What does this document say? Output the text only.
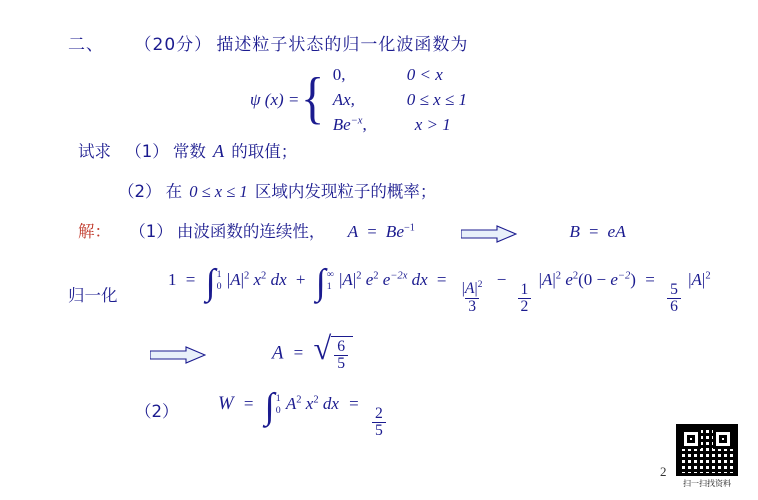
二、 （20分） 描述粒子状态的归一化波函数为
ψ (x) = { 0,	0 < x
Ax,	0 ≤ x ≤ 1
$Be^{-x}$,	x > 1
试求 （1） 常数 A 的取值；
（2） 在 0 ≤ x ≤ 1 区域内发现粒子的概率；
解： （1） 由波函数的连续性， $A = Be^{-1}$	B = eA
归一化
1 = ∫ 1
0 $|A|^2$ $x^2$ dx + ∫ ∞
1 $|A|^2$ $e^2$ $e^{-2x}$ dx =
$\frac{|A|^2}{3}$
−
$\frac{1}{2}$
$|A|^2$ $e^2(0 - e^{-2})$ =
$\frac{5}{6}$
$|A|^2$
A = √ $\frac{6}{5}$
（2） W = ∫ 1
0 $A^2$ $x^2$ dx =
$\frac{2}{5}$
扫一扫找资料
2
